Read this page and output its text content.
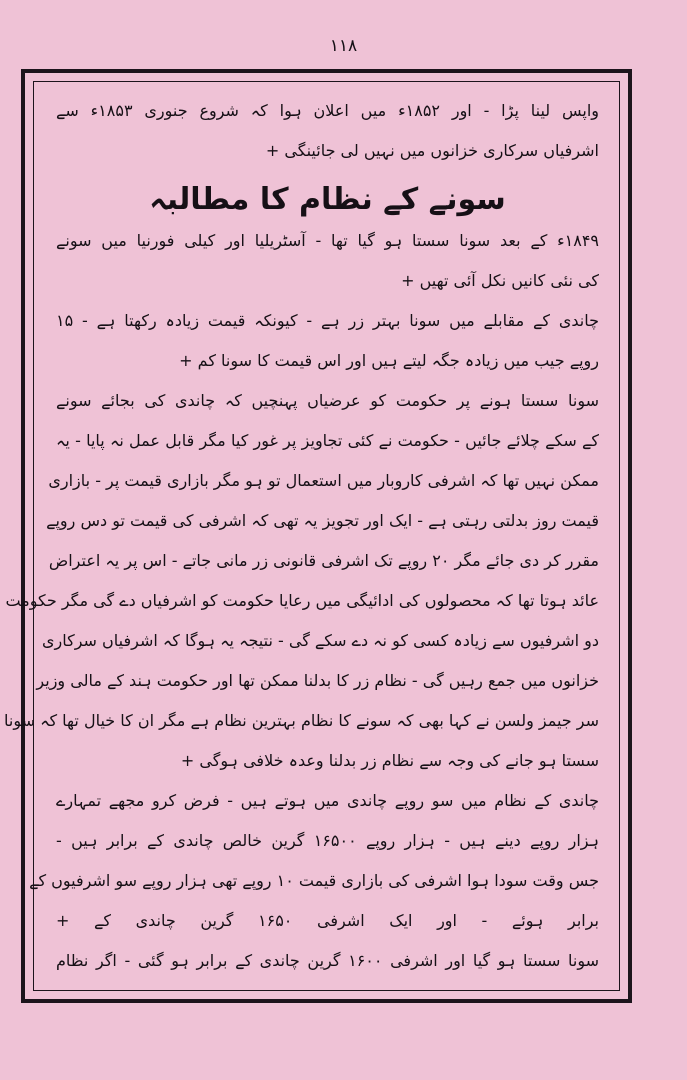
١١٨
واپس لینا پڑا - اور ۱۸۵۲ء میں اعلان ہوا کہ شروع جنوری ۱۸۵۳ء سے
اشرفیاں سرکاری خزانوں میں نہیں لی جائینگی +
سونے کے نظام کا مطالبہ
۱۸۴۹ء کے بعد سونا سستا ہو گیا تھا - آسٹریلیا اور کیلی فورنیا میں سونے
کی نئی کانیں نکل آئی تھیں +
چاندی کے مقابلے میں سونا بہتر زر ہے - کیونکہ قیمت زیادہ رکھتا ہے - ۱۵
روپے جیب میں زیادہ جگہ لیتے ہیں اور اس قیمت کا سونا کم +
سونا سستا ہونے پر حکومت کو عرضیاں پہنچیں کہ چاندی کی بجائے سونے
کے سکے چلائے جائیں - حکومت نے کئی تجاویز پر غور کیا مگر قابل عمل نہ پایا - یہ
ممکن نہیں تھا کہ اشرفی کاروبار میں استعمال تو ہو مگر بازاری قیمت پر - بازاری
قیمت روز بدلتی رہتی ہے - ایک اور تجویز یہ تھی کہ اشرفی کی قیمت تو دس روپے
مقرر کر دی جائے مگر ۲۰ روپے تک اشرفی قانونی زر مانی جاتے - اس پر یہ اعتراض
عائد ہوتا تھا کہ محصولوں کی ادائیگی میں رعایا حکومت کو اشرفیاں دے گی مگر حکومت
دو اشرفیوں سے زیادہ کسی کو نہ دے سکے گی - نتیجہ یہ ہوگا کہ اشرفیاں سرکاری
خزانوں میں جمع رہیں گی - نظام زر کا بدلنا ممکن تھا اور حکومت ہند کے مالی وزیر
سر جیمز ولسن نے کہا بھی کہ سونے کا نظام بہترین نظام ہے مگر ان کا خیال تھا کہ سونا
سستا ہو جانے کی وجہ سے نظام زر بدلنا وعدہ خلافی ہوگی +
چاندی کے نظام میں سو روپے چاندی میں ہوتے ہیں - فرض کرو مجھے تمہارے
ہزار روپے دینے ہیں - ہزار روپے ۱۶۵۰۰ گرین خالص چاندی کے برابر ہیں -
جس وقت سودا ہوا اشرفی کی بازاری قیمت ۱۰ روپے تھی ہزار روپے سو اشرفیوں کے
برابر ہوئے - اور ایک اشرفی ۱۶۵۰ گرین چاندی کے +
سونا سستا ہو گیا اور اشرفی ۱۶۰۰ گرین چاندی کے برابر ہو گئی - اگر نظام
